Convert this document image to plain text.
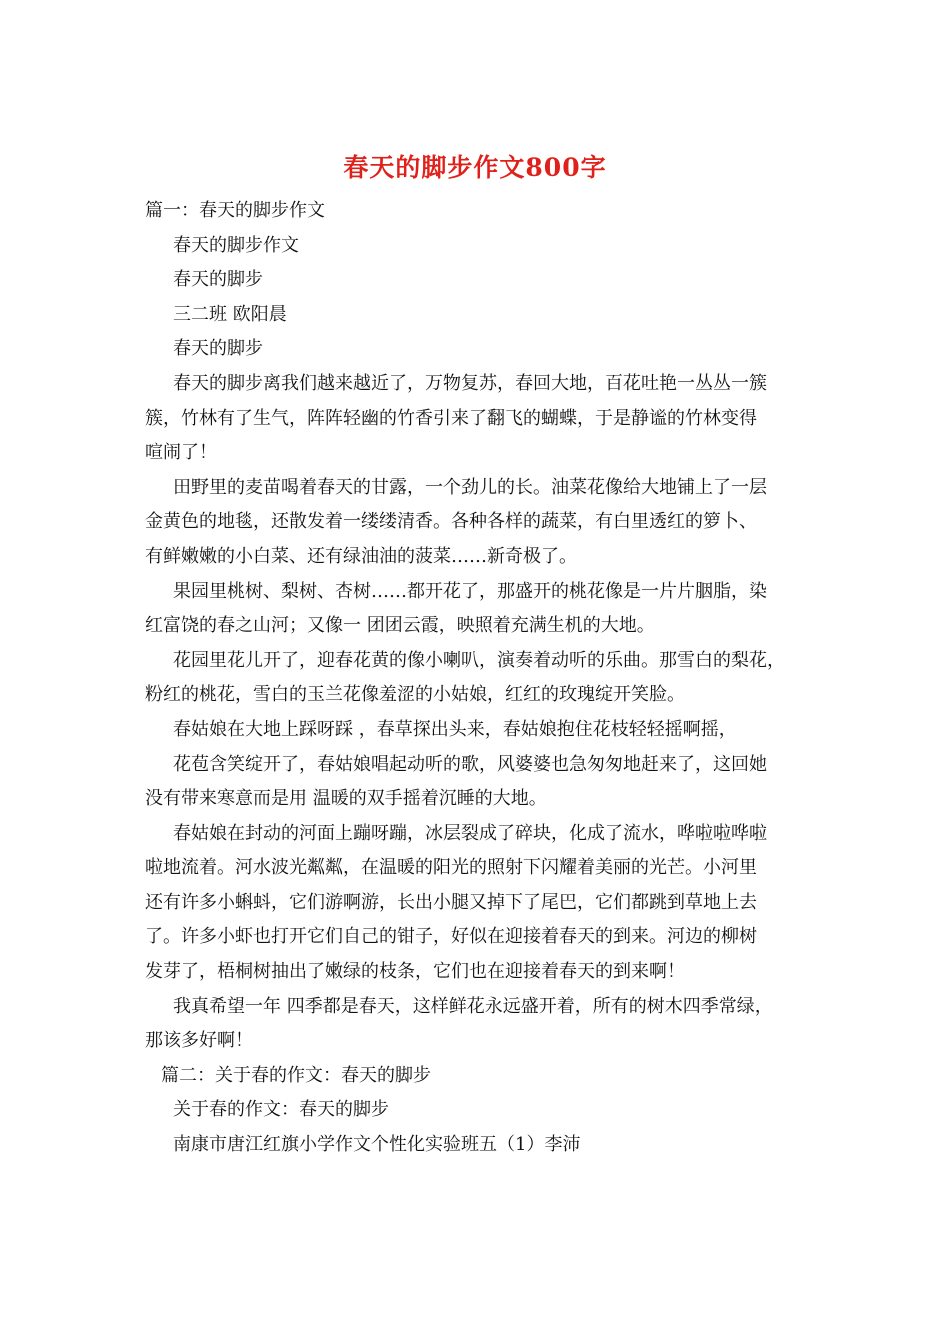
春天的脚步作文800字
篇一：春天的脚步作文
春天的脚步作文
春天的脚步
三二班 欧阳晨
春天的脚步
春天的脚步离我们越来越近了，万物复苏，春回大地，百花吐艳一丛丛一簇
簇，竹林有了生气，阵阵轻幽的竹香引来了翻飞的蝴蝶，于是静谧的竹林变得
喧闹了！
田野里的麦苗喝着春天的甘露，一个劲儿的长。油菜花像给大地铺上了一层
金黄色的地毯，还散发着一缕缕清香。各种各样的蔬菜，有白里透红的箩卜、
有鲜嫩嫩的小白菜、还有绿油油的菠菜……新奇极了。
果园里桃树、梨树、杏树……都开花了，那盛开的桃花像是一片片胭脂，染
红富饶的春之山河；又像一 团团云霞，映照着充满生机的大地。
花园里花儿开了，迎春花黄的像小喇叭，演奏着动听的乐曲。那雪白的梨花，
粉红的桃花，雪白的玉兰花像羞涩的小姑娘，红红的玫瑰绽开笑脸。
春姑娘在大地上踩呀踩 ，春草探出头来，春姑娘抱住花枝轻轻摇啊摇，
花苞含笑绽开了，春姑娘唱起动听的歌，风婆婆也急匆匆地赶来了，这回她
没有带来寒意而是用 温暖的双手摇着沉睡的大地。
春姑娘在封动的河面上蹦呀蹦，冰层裂成了碎块，化成了流水，哗啦啦哗啦
啦地流着。河水波光粼粼，在温暖的阳光的照射下闪耀着美丽的光芒。小河里
还有许多小蝌蚪，它们游啊游，长出小腿又掉下了尾巴，它们都跳到草地上去
了。许多小虾也打开它们自己的钳子，好似在迎接着春天的到来。河边的柳树
发芽了，梧桐树抽出了嫩绿的枝条，它们也在迎接着春天的到来啊！
我真希望一年 四季都是春天，这样鲜花永远盛开着，所有的树木四季常绿，
那该多好啊！
篇二：关于春的作文：春天的脚步
关于春的作文：春天的脚步
南康市唐江红旗小学作文个性化实验班五（1）李沛
